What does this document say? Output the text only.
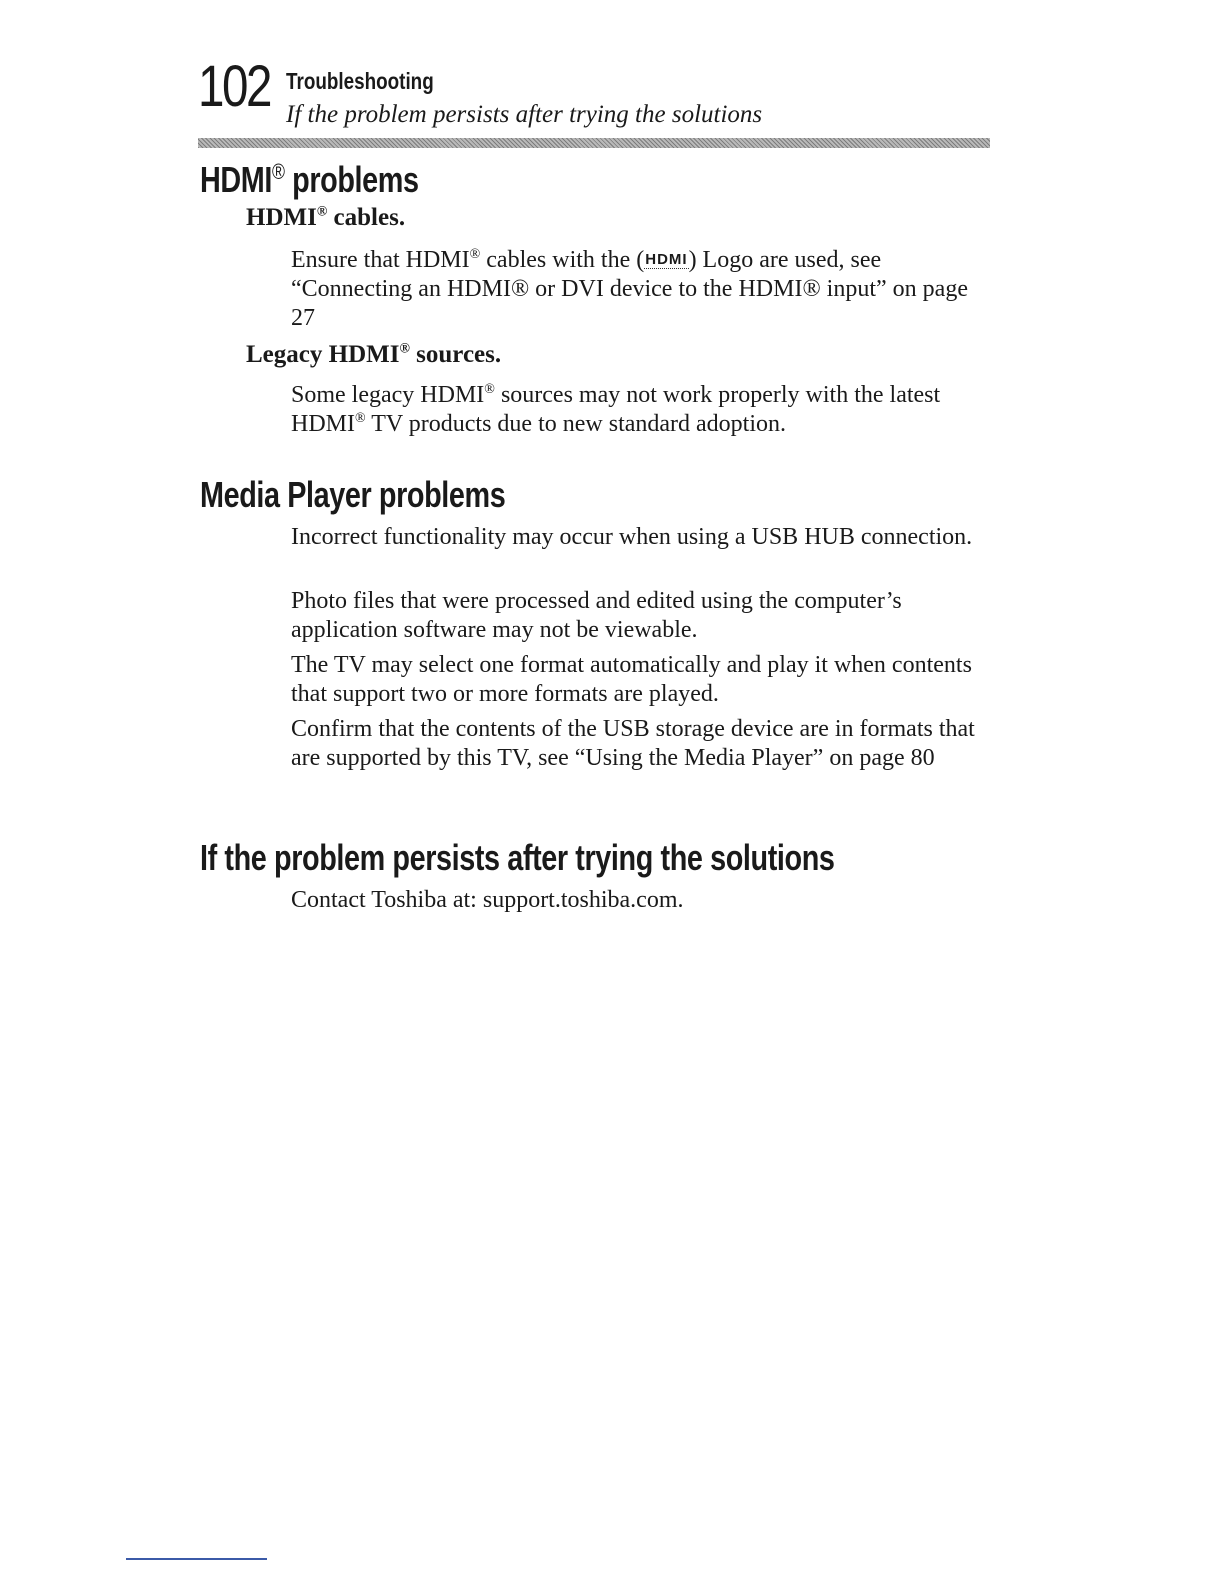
102 Troubleshooting
If the problem persists after trying the solutions
HDMI® problems
HDMI® cables.
Ensure that HDMI® cables with the (HDMI) Logo are used, see “Connecting an HDMI® or DVI device to the HDMI® input” on page 27
Legacy HDMI® sources.
Some legacy HDMI® sources may not work properly with the latest HDMI® TV products due to new standard adoption.
Media Player problems
Incorrect functionality may occur when using a USB HUB connection.
Photo files that were processed and edited using the computer’s application software may not be viewable.
The TV may select one format automatically and play it when contents that support two or more formats are played.
Confirm that the contents of the USB storage device are in formats that are supported by this TV, see “Using the Media Player” on page 80
If the problem persists after trying the solutions
Contact Toshiba at: support.toshiba.com.
